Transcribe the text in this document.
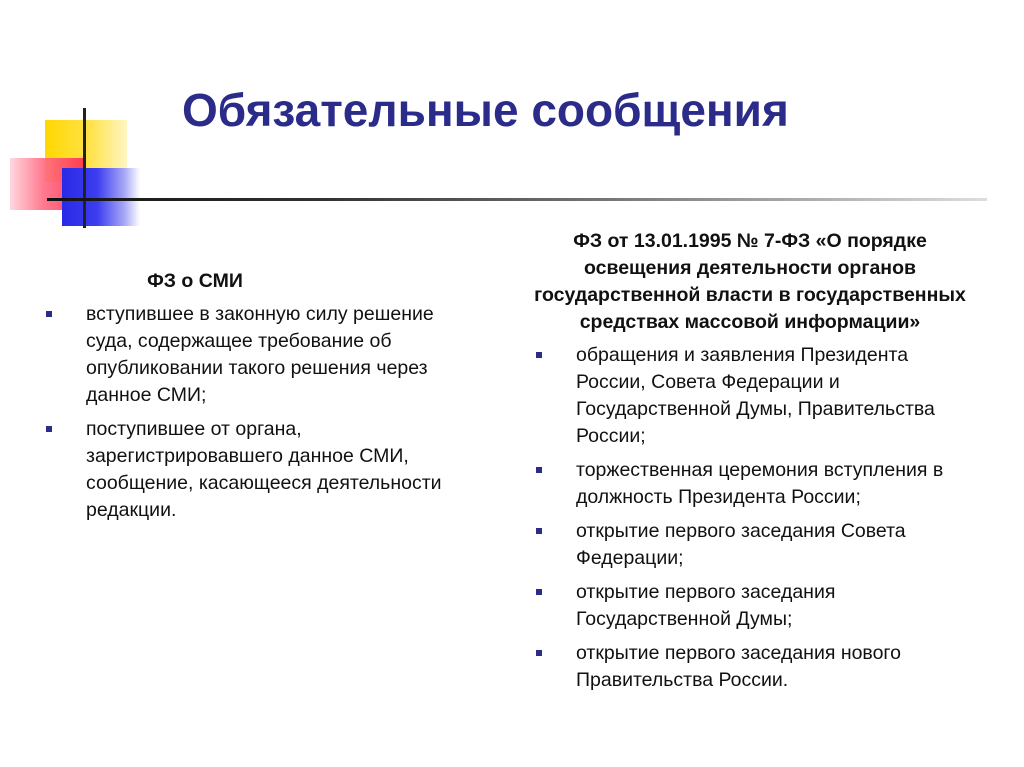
Обязательные сообщения

ФЗ о СМИ

вступившее в законную силу решение суда, содержащее требование об опубликовании такого решения через данное СМИ;
поступившее от органа, зарегистрировавшего данное СМИ, сообщение, касающееся деятельности редакции.

ФЗ от 13.01.1995 № 7-ФЗ «О порядке освещения деятельности органов государственной власти в государственных средствах массовой информации»

обращения и заявления Президента России, Совета Федерации и Государственной Думы, Правительства России;
торжественная церемония вступления в должность Президента России;
открытие первого заседания Совета Федерации;
открытие первого заседания Государственной Думы;
открытие первого заседания нового Правительства России.
